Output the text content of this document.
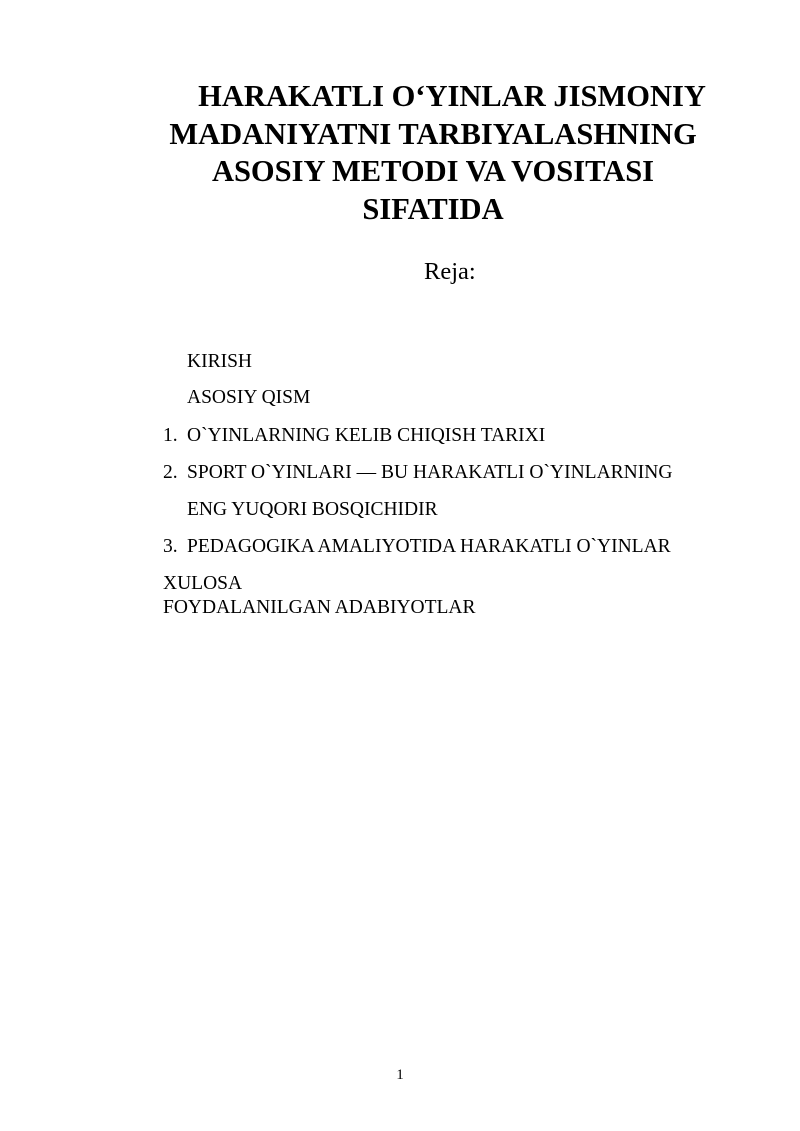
HARAKATLI O‘YINLAR JISMONIY
MADANIYATNI TARBIYALASHNING
ASOSIY METODI VA VOSITASI
SIFATIDA
Reja:
KIRISH
ASOSIY QISM
1. O`YINLARNING KELIB CHIQISH TARIXI
2. SPORT O`YINLARI — BU HARAKATLI O`YINLARNING
ENG YUQORI BOSQICHIDIR
3. PEDAGOGIKA AMALIYOTIDA HARAKATLI O`YINLAR
XULOSA
FOYDALANILGAN ADABIYOTLAR
1
